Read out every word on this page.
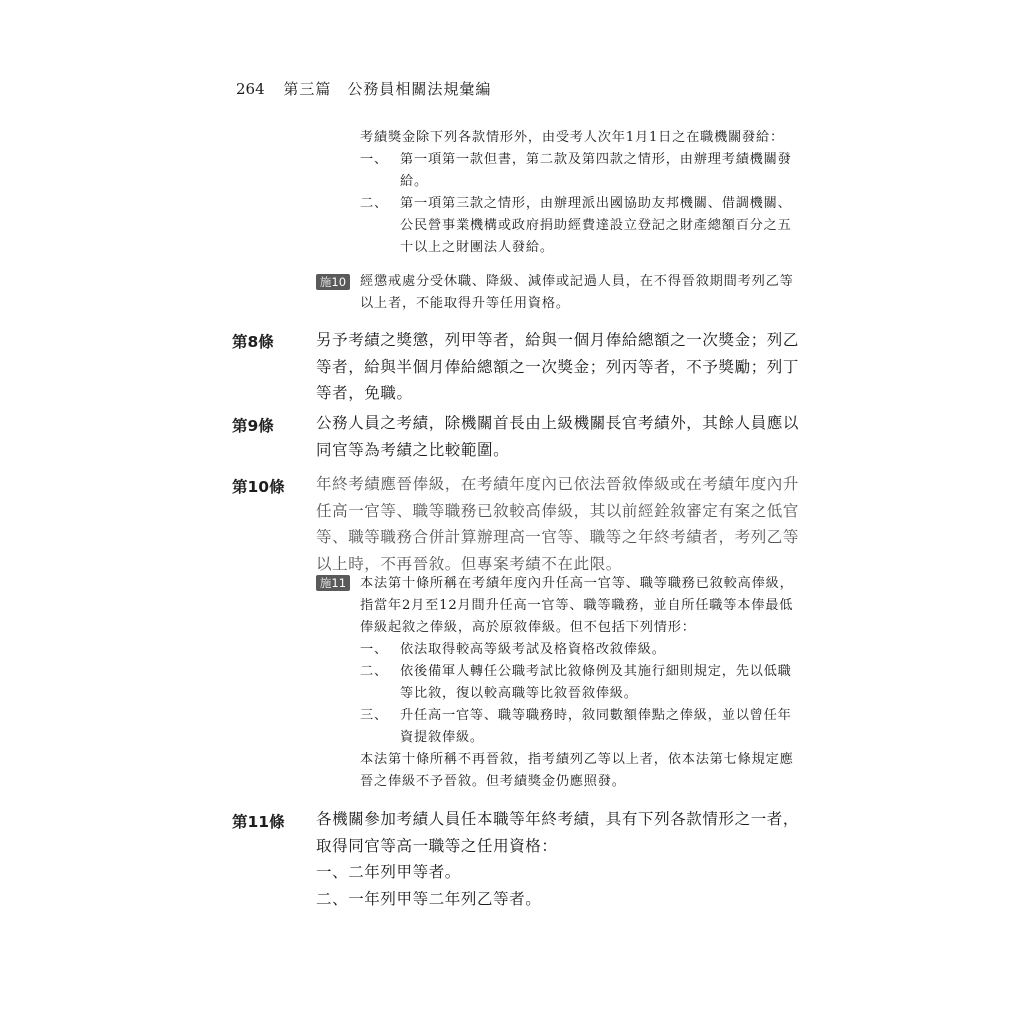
264 第三篇　公務員相關法規彙編
考績獎金除下列各款情形外，由受考人次年1月1日之在職機關發給：
一、 第一項第一款但書，第二款及第四款之情形，由辦理考績機關發給。
二、 第一項第三款之情形，由辦理派出國協助友邦機關、借調機關、公民營事業機構或政府捐助經費達設立登記之財產總額百分之五十以上之財團法人發給。
施10 經懲戒處分受休職、降級、減俸或記過人員，在不得晉敘期間考列乙等以上者，不能取得升等任用資格。
第8條	另予考績之獎懲，列甲等者，給與一個月俸給總額之一次獎金；列乙等者，給與半個月俸給總額之一次獎金；列丙等者，不予獎勵；列丁等者，免職。
第9條	公務人員之考績，除機關首長由上級機關長官考績外，其餘人員應以同官等為考績之比較範圍。
第10條 年終考績應晉俸級，在考績年度內已依法晉敘俸級或在考績年度內升任高一官等、職等職務已敘較高俸級，其以前經銓敘審定有案之低官等、職等職務合併計算辦理高一官等、職等之年終考績者，考列乙等以上時，不再晉敘。但專案考績不在此限。
施11 本法第十條所稱在考績年度內升任高一官等、職等職務已敘較高俸級，指當年2月至12月間升任高一官等、職等職務，並自所任職等本俸最低俸級起敘之俸級，高於原敘俸級。但不包括下列情形：
一、 依法取得較高等級考試及格資格改敘俸級。
二、 依後備軍人轉任公職考試比敘條例及其施行細則規定，先以低職等比敘，復以較高職等比敘晉敘俸級。
三、 升任高一官等、職等職務時，敘同數額俸點之俸級，並以曾任年資提敘俸級。
本法第十條所稱不再晉敘，指考績列乙等以上者，依本法第七條規定應晉之俸級不予晉敘。但考績獎金仍應照發。
第11條 各機關參加考績人員任本職等年終考績，具有下列各款情形之一者，取得同官等高一職等之任用資格：
一、二年列甲等者。
二、一年列甲等二年列乙等者。
